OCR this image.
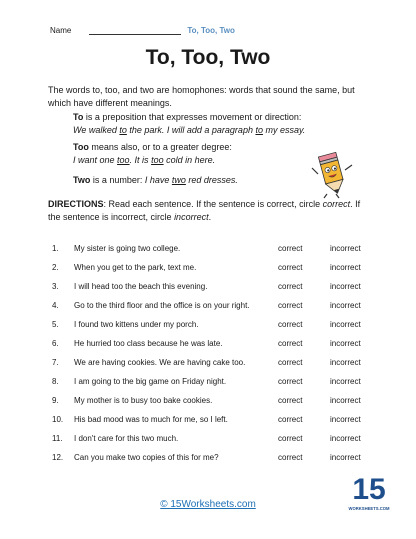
Name	To, Too, Two
To, Too, Two

The words to, too, and two are homophones: words that sound the same, but which have different meanings.

To is a preposition that expresses movement or direction:

We walked to the park. I will add a paragraph to my essay.

Too means also, or to a greater degree:

I want one too. It is too cold in here.

Two is a number: I have two red dresses.

DIRECTIONS: Read each sentence. If the sentence is correct, circle correct. If the sentence is incorrect, circle incorrect.

1. My sister is going two college.	correct	incorrect
2. When you get to the park, text me.	correct	incorrect
3. I will head too the beach this evening.	correct	incorrect
4. Go to the third floor and the office is on your right.	correct	incorrect
5. I found two kittens under my porch.	correct	incorrect
6. He hurried too class because he was late.	correct	incorrect
7. We are having cookies. We are having cake too.	correct	incorrect
8. I am going to the big game on Friday night.	correct	incorrect
9. My mother is to busy too bake cookies.	correct	incorrect
10. His bad mood was to much for me, so I left.	correct	incorrect
11. I don't care for this two much.	correct	incorrect
12. Can you make two copies of this for me?	correct	incorrect
15
WORKSHEETS.COM
© 15Worksheets.com
